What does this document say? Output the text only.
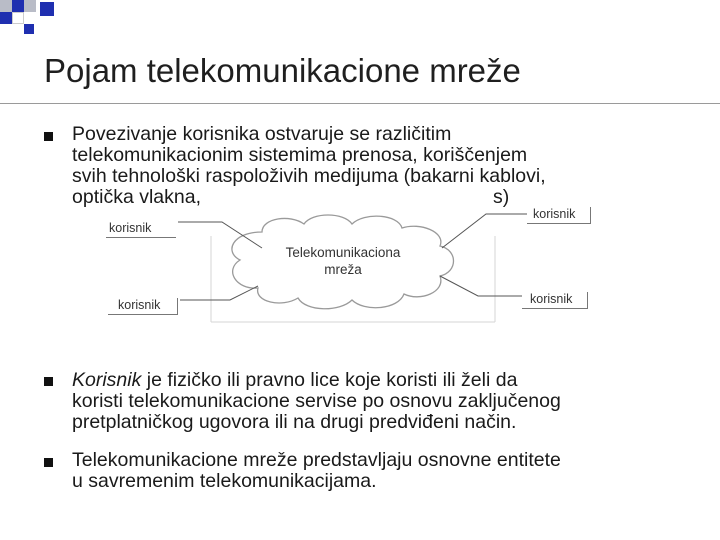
Pojam telekomunikacione mreže
Povezivanje korisnika ostvaruje se različitim
telekomunikacionim sistemima prenosa, koriščenjem
svih tehnološki raspoloživih medijuma (bakarni kablovi,
optička vlakna,	s)
Telekomunikaciona
mreža
korisnik
korisnik
korisnik	korisnik
Korisnik je fizičko ili pravno lice koje koristi ili želi da
koristi telekomunikacione servise po osnovu zaključenog
pretplatničkog ugovora ili na drugi predviđeni način.
Telekomunikacione mreže predstavljaju osnovne entitete
u savremenim telekomunikacijama.
